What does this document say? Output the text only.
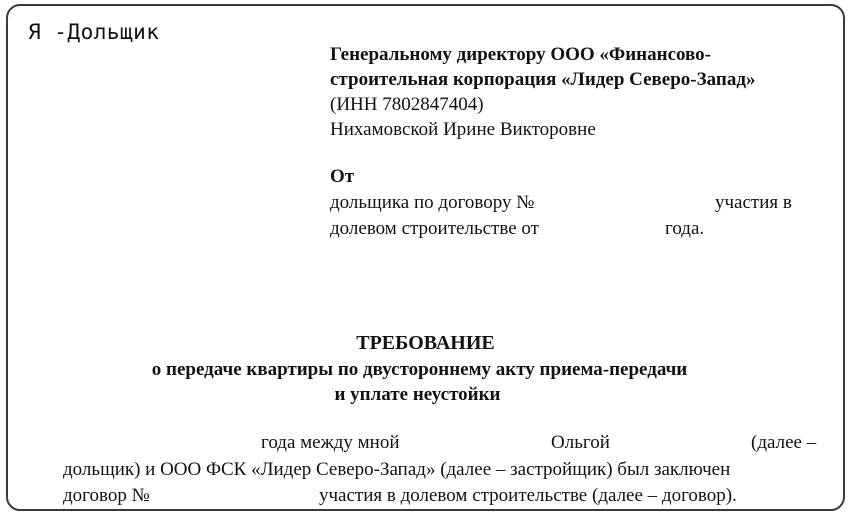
Я -Дольщик
Генеральному директору ООО «Финансово-
строительная корпорация «Лидер Северо-Запад»
(ИНН 7802847404)
Нихамовской Ирине Викторовне
От
дольщика по договору №	участия в
долевом строительстве от	года.
ТРЕБОВАНИЕ
о передаче квартиры по двустороннему акту приема-передачи
и уплате неустойки
года между мной	Ольгой	(далее –
дольщик) и ООО ФСК «Лидер Северо-Запад» (далее – застройщик) был заключен
договор №	участия в долевом строительстве (далее – договор).
